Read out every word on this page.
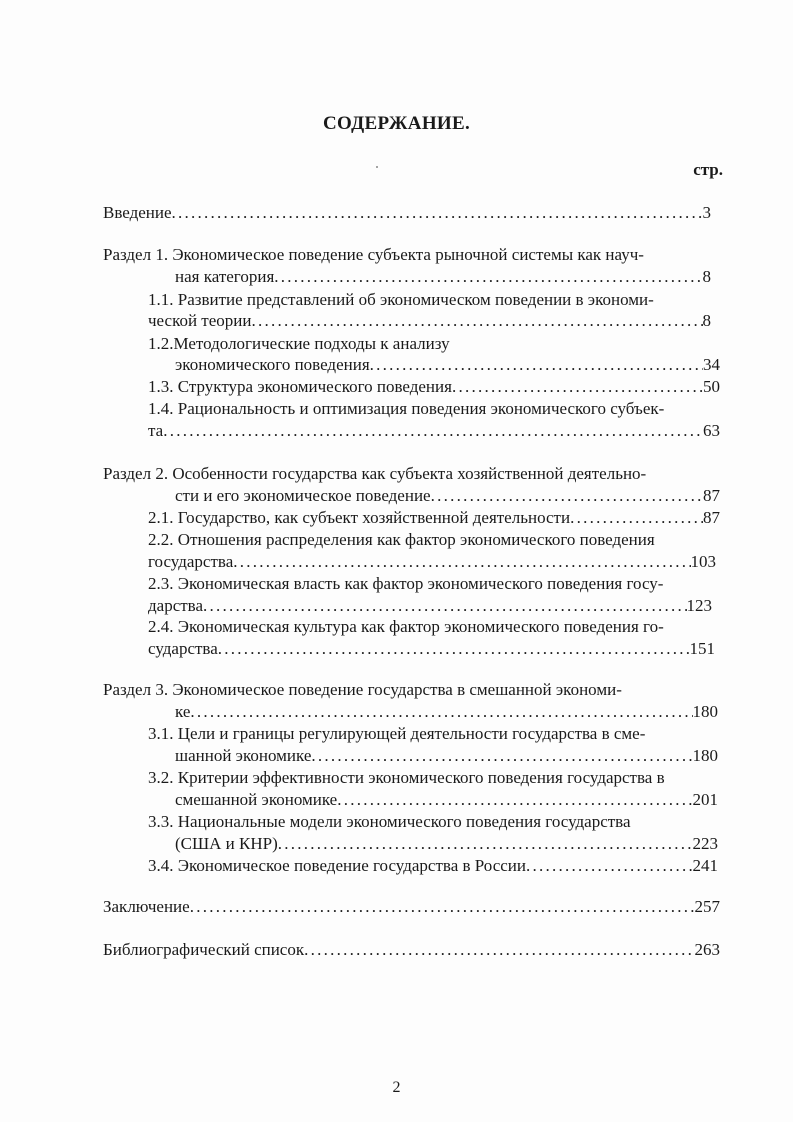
СОДЕРЖАНИЕ.
стр.
Введение . . .	3
Раздел 1. Экономическое поведение субъекта рыночной системы как науч-
ная категория . . .	8
1.1. Развитие представлений об экономическом поведении в экономи-
ческой теории . . .	8
1.2.Методологические подходы к анализу
экономического поведения . . .	34
1.3. Структура экономического поведения . . .	50
1.4. Рациональность и оптимизация поведения экономического субъек-
та . . .	63
Раздел 2. Особенности государства как субъекта хозяйственной деятельно-
сти и его экономическое поведение . . .	87
2.1. Государство, как субъект хозяйственной деятельности . . .	87
2.2. Отношения распределения как фактор экономического поведения
государства . . .	103
2.3. Экономическая власть как фактор экономического поведения госу-
дарства . . .	123
2.4. Экономическая культура как фактор экономического поведения го-
сударства . . .	151
Раздел 3. Экономическое поведение государства в смешанной экономи-
ке . . .	180
3.1. Цели и границы регулирующей деятельности государства в сме-
шанной экономике . . .	180
3.2. Критерии эффективности экономического поведения государства в
смешанной экономике . . .	201
3.3. Национальные модели экономического поведения государства
(США и КНР) . . .	223
3.4. Экономическое поведение государства в России . . .	241
Заключение . . .	257
Библиографический список . . .	263
2
